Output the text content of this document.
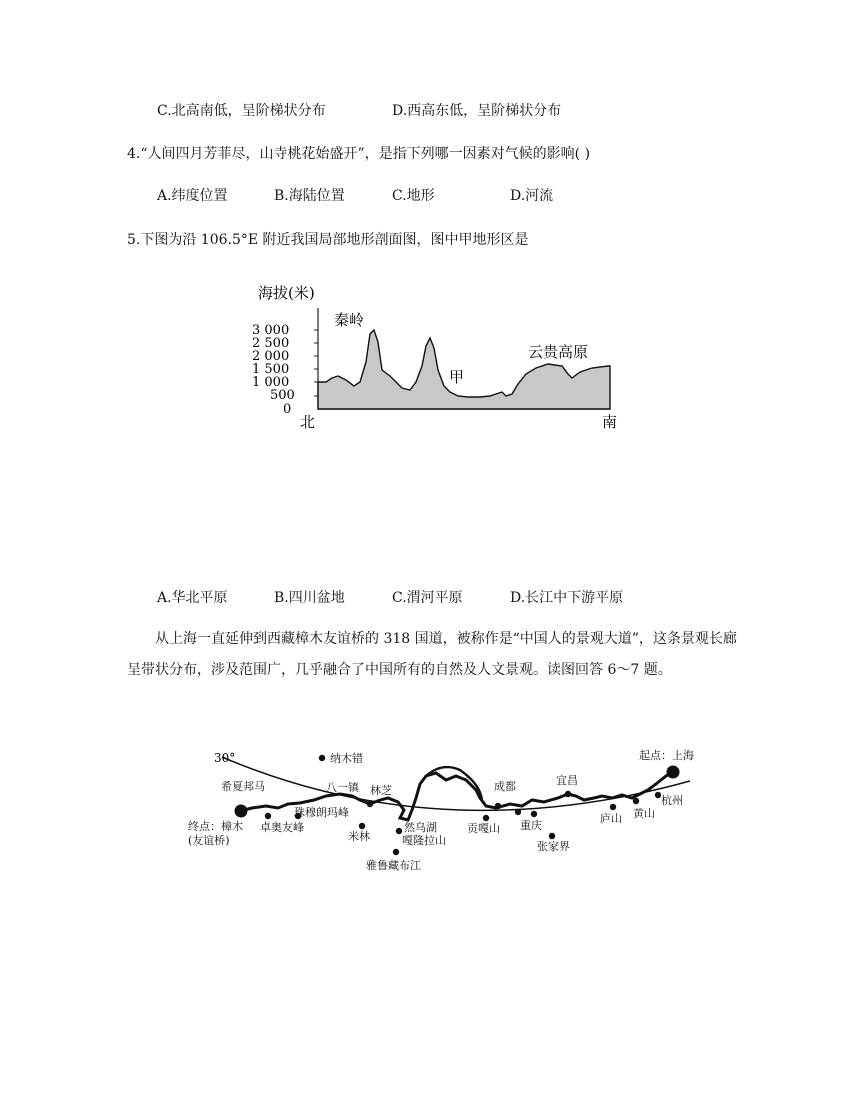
C.北高南低，呈阶梯状分布	D.西高东低，呈阶梯状分布
4.“人间四月芳菲尽，山寺桃花始盛开”，是指下列哪一因素对气候的影响( )
A.纬度位置	B.海陆位置	C.地形	D.河流
5.下图为沿 106.5°E 附近我国局部地形剖面图，图中甲地形区是
海拔(米)
3 000
2 500
2 000
1 500
1 000
500
0
秦岭
云贵高原
甲
北	南
A.华北平原	B.四川盆地	C.渭河平原	D.长江中下游平原
从上海一直延伸到西藏樟木友谊桥的 318 国道，被称作是“中国人的景观大道”，这条景观长廊呈带状分布，涉及范围广，几乎融合了中国所有的自然及人文景观。读图回答 6～7 题。
30°	纳木错	起点：上海
希夏邦马	八一镇 林芝	成都	宜昌
杭州
珠穆朗玛峰	黄山
庐山
终点：樟木
(友谊桥)
卓奥友峰	然乌湖	贡嘎山 重庆
米林	嘎隆拉山	张家界
雅鲁藏布江
